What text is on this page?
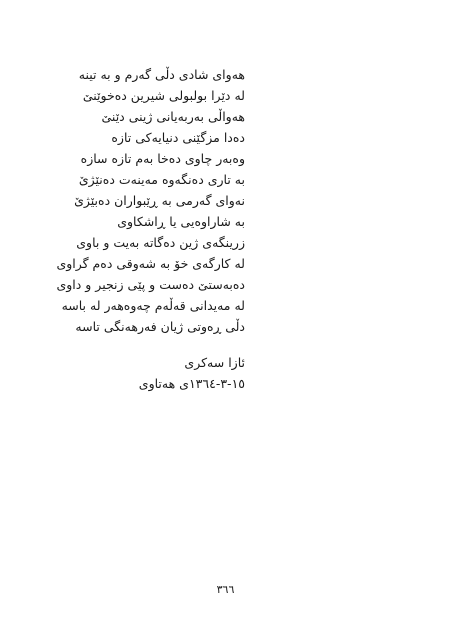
هەوای شادی دڵی گەرم و بە تینە
لە دێرا بولبولی شیرین دەخوێنێ
هەواڵی بەربەیانی ژینی دێنێ
دەدا مزگێنی دنیایەکی تازە
وەبەر چاوی دەخا بەم تازە سازە
بە تاری دەنگەوە مەینەت دەنێژێ
نەوای گەرمی بە ڕێبواران دەبێژێ
بە شاراوەیی یا ڕاشکاوی
زرینگەی ژین دەگاتە بەیت و باوی
لە کارگەی خۆ بە شەوقی دەم گراوی
دەبەستێ دەست و پێی زنجیر و داوی
لە مەیدانی قەڵەم چەوەهەر لە باسە
دڵی ڕەوتی ژیان فەرهەنگی تاسە
ئازا سەکری
١٥-٣-١٣٦٤ی هەتاوی
٣٦٦
